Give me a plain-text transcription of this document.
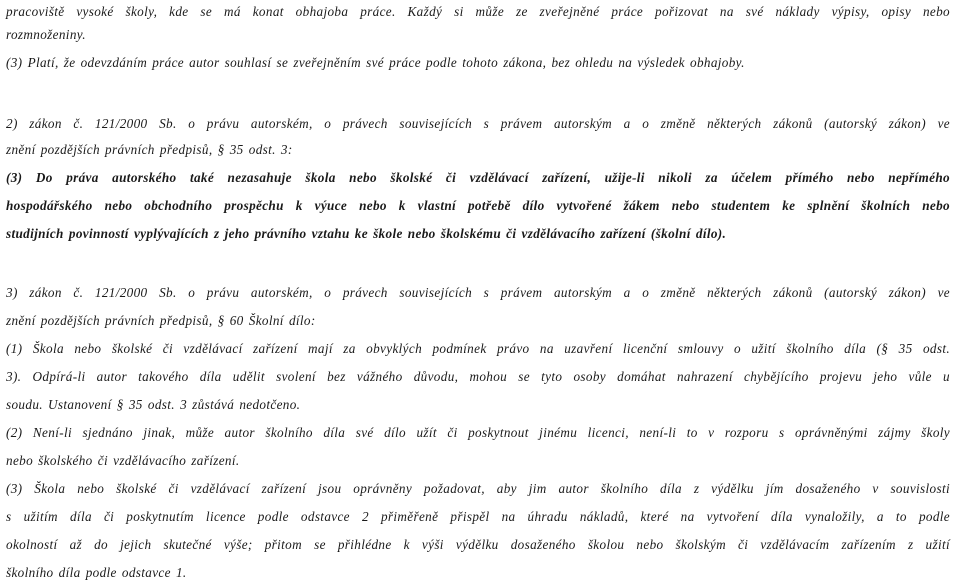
pracoviště vysoké školy, kde se má konat obhajoba práce. Každý si může ze zveřejněné práce pořizovat na své náklady výpisy, opisy nebo
rozmnoženiny.
(3) Platí, že odevzdáním práce autor souhlasí se zveřejněním své práce podle tohoto zákona, bez ohledu na výsledek obhajoby.
2) zákon č. 121/2000 Sb. o právu autorském, o právech souvisejících s právem autorským a o změně některých zákonů (autorský zákon) ve
znění pozdějších právních předpisů, § 35 odst. 3:
(3) Do práva autorského také nezasahuje škola nebo školské či vzdělávací zařízení, užije-li nikoli za účelem přímého nebo nepřímého
hospodářského nebo obchodního prospěchu k výuce nebo k vlastní potřebě dílo vytvořené žákem nebo studentem ke splnění školních nebo
studijních povinností vyplývajících z jeho právního vztahu ke škole nebo školskému či vzdělávacího zařízení (školní dílo).
3) zákon č. 121/2000 Sb. o právu autorském, o právech souvisejících s právem autorským a o změně některých zákonů (autorský zákon) ve
znění pozdějších právních předpisů, § 60 Školní dílo:
(1) Škola nebo školské či vzdělávací zařízení mají za obvyklých podmínek právo na uzavření licenční smlouvy o užití školního díla (§ 35 odst.
3). Odpírá-li autor takového díla udělit svolení bez vážného důvodu, mohou se tyto osoby domáhat nahrazení chybějícího projevu jeho vůle u
soudu. Ustanovení § 35 odst. 3 zůstává nedotčeno.
(2) Není-li sjednáno jinak, může autor školního díla své dílo užít či poskytnout jinému licenci, není-li to v rozporu s oprávněnými zájmy školy
nebo školského či vzdělávacího zařízení.
(3) Škola nebo školské či vzdělávací zařízení jsou oprávněny požadovat, aby jim autor školního díla z výdělku jím dosaženého v souvislosti
s užitím díla či poskytnutím licence podle odstavce 2 přiměřeně přispěl na úhradu nákladů, které na vytvoření díla vynaložily, a to podle
okolností až do jejich skutečné výše; přitom se přihlédne k výši výdělku dosaženého školou nebo školským či vzdělávacím zařízením z užití
školního díla podle odstavce 1.
